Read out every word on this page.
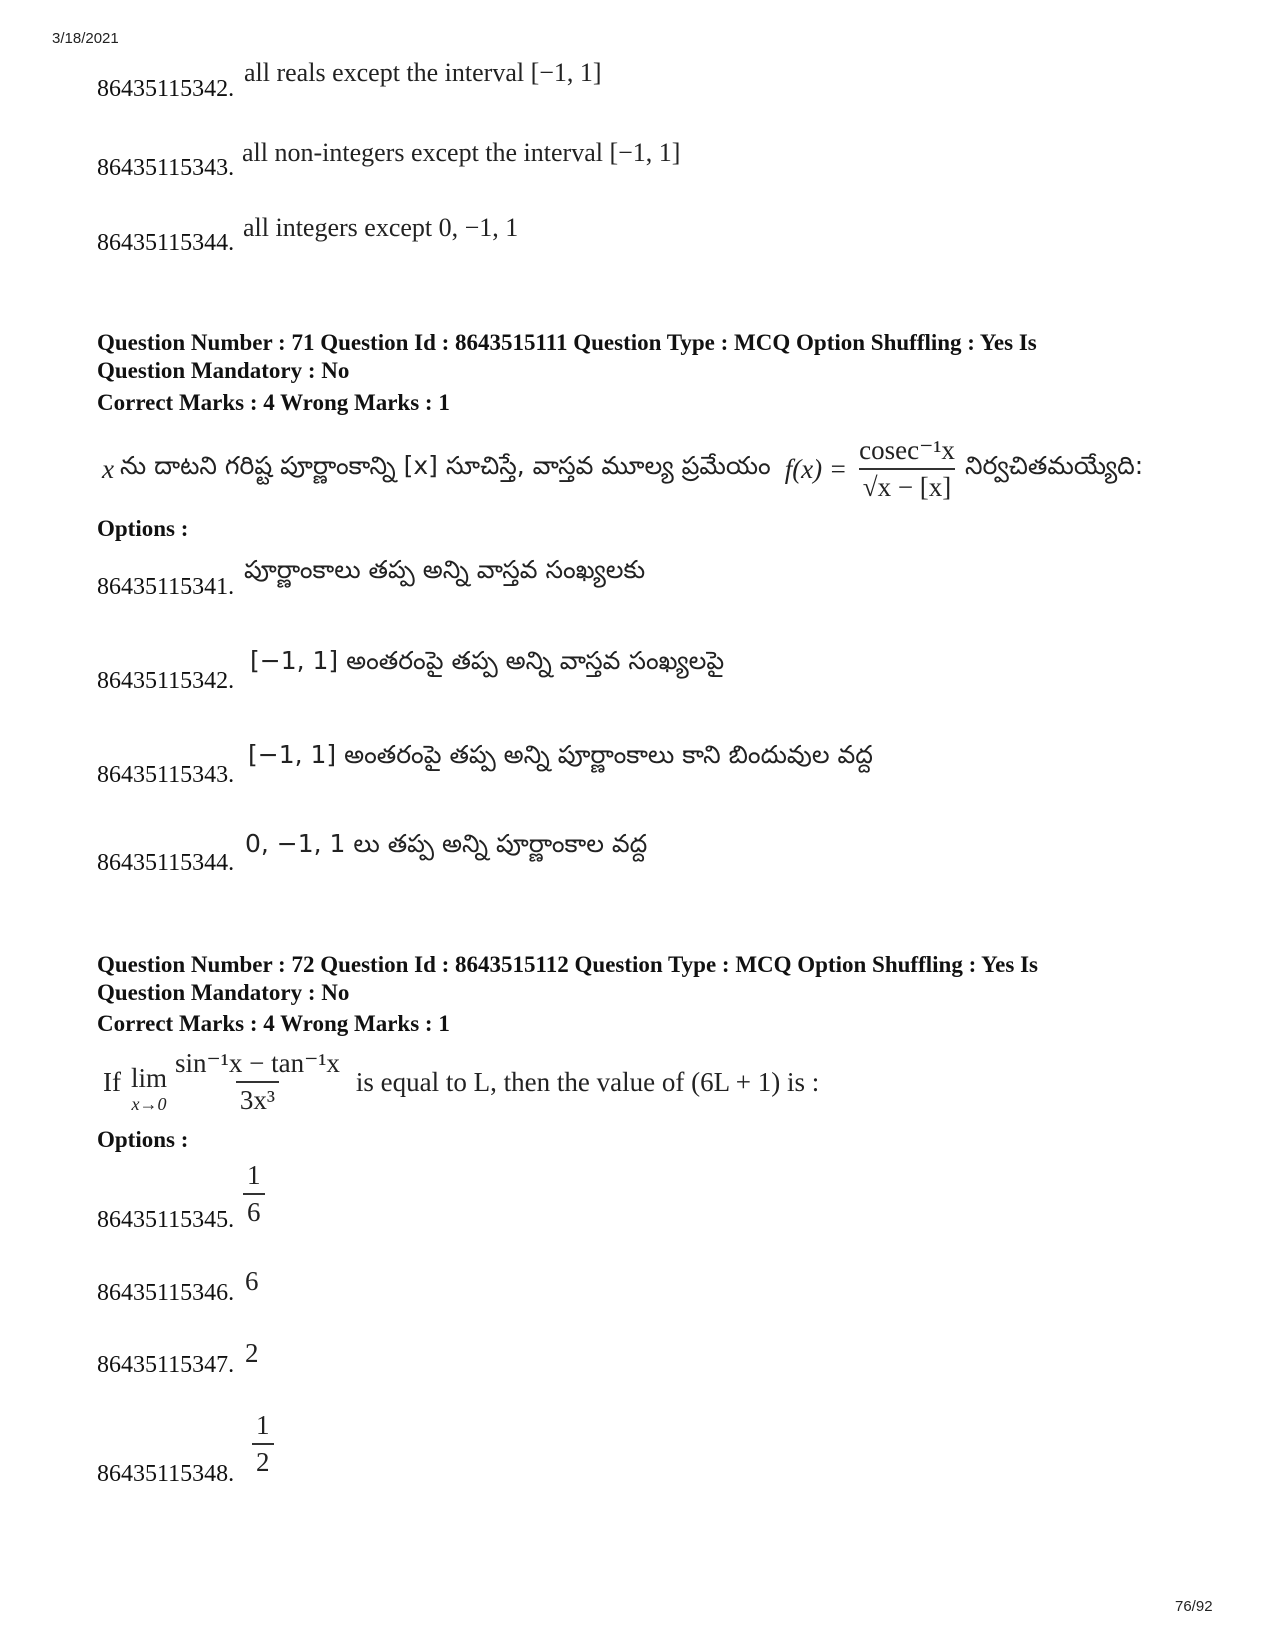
3/18/2021
76/92
86435115342.
all reals except the interval [−1, 1]
86435115343.
all non-integers except the interval [−1, 1]
86435115344.
all integers except 0, −1, 1
Question Number : 71 Question Id : 8643515111 Question Type : MCQ Option Shuffling : Yes Is
Question Mandatory : No
Correct Marks : 4 Wrong Marks : 1
x ను దాటని గరిష్ట పూర్ణాంకాన్ని [x] సూచిస్తే, వాస్తవ మూల్య ప్రమేయం $f(x) = \frac{\text{cosec⁻¹x}}{√x - [x]}$ నిర్వచితమయ్యేది:
Options :
86435115341.
పూర్ణాంకాలు తప్ప అన్ని వాస్తవ సంఖ్యలకు
86435115342.
[−1, 1] అంతరంపై తప్ప అన్ని వాస్తవ సంఖ్యలపై
86435115343.
[−1, 1] అంతరంపై తప్ప అన్ని పూర్ణాంకాలు కాని బిందువుల వద్ద
86435115344.
0, −1, 1 లు తప్ప అన్ని పూర్ణాంకాల వద్ద
Question Number : 72 Question Id : 8643515112 Question Type : MCQ Option Shuffling : Yes Is
Question Mandatory : No
Correct Marks : 4 Wrong Marks : 1
If lim
$x\to 0 \frac{\text{sin⁻¹x − tan⁻¹x}}{\text{3x³}}$ is equal to L, then the value of (6L + 1) is :
Options :
86435115345. $\frac{1}{6}$
86435115346. 6
86435115347. 2
86435115348. $\frac{1}{2}$
